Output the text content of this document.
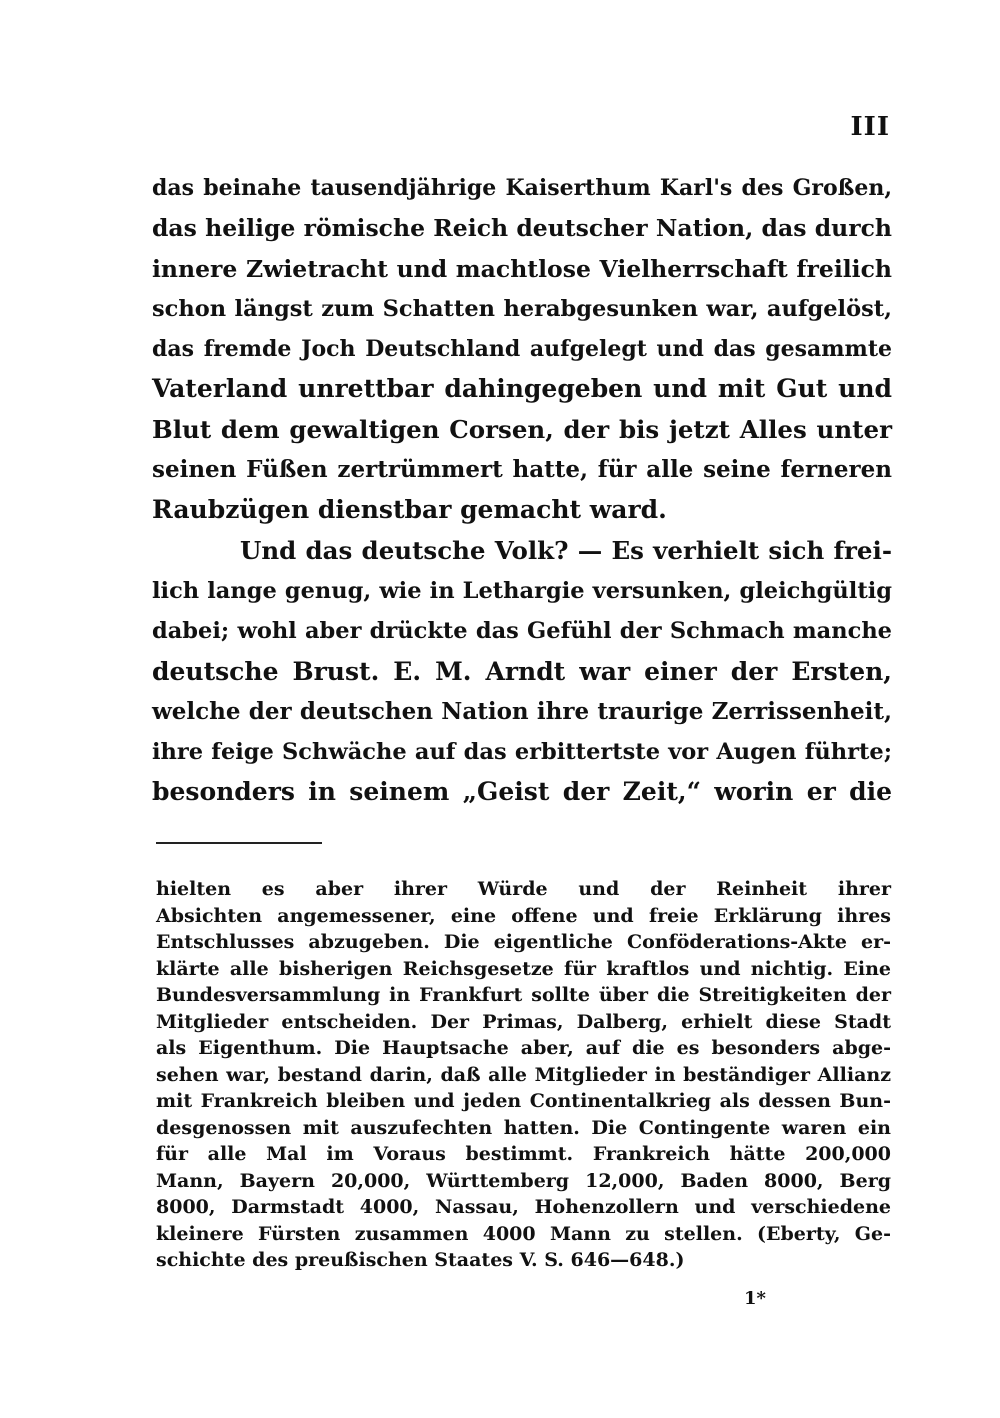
III
das beinahe tausendjährige Kaiserthum Karl's des Großen,
das heilige römische Reich deutscher Nation, das durch
innere Zwietracht und machtlose Vielherrschaft freilich
schon längst zum Schatten herabgesunken war, aufgelöst,
das fremde Joch Deutschland aufgelegt und das gesammte
Vaterland unrettbar dahingegeben und mit Gut und
Blut dem gewaltigen Corsen, der bis jetzt Alles unter
seinen Füßen zertrümmert hatte, für alle seine ferneren
Raubzügen dienstbar gemacht ward.
Und das deutsche Volk? — Es verhielt sich frei-
lich lange genug, wie in Lethargie versunken, gleichgültig
dabei; wohl aber drückte das Gefühl der Schmach manche
deutsche Brust. E. M. Arndt war einer der Ersten,
welche der deutschen Nation ihre traurige Zerrissenheit,
ihre feige Schwäche auf das erbittertste vor Augen führte;
besonders in seinem „Geist der Zeit,“ worin er die
hielten es aber ihrer Würde und der Reinheit ihrer
Absichten angemessener, eine offene und freie Erklärung ihres
Entschlusses abzugeben. Die eigentliche Conföderations-Akte er-
klärte alle bisherigen Reichsgesetze für kraftlos und nichtig. Eine
Bundesversammlung in Frankfurt sollte über die Streitigkeiten der
Mitglieder entscheiden. Der Primas, Dalberg, erhielt diese Stadt
als Eigenthum. Die Hauptsache aber, auf die es besonders abge-
sehen war, bestand darin, daß alle Mitglieder in beständiger Allianz
mit Frankreich bleiben und jeden Continentalkrieg als dessen Bun-
desgenossen mit auszufechten hatten. Die Contingente waren ein
für alle Mal im Voraus bestimmt. Frankreich hätte 200,000
Mann, Bayern 20,000, Württemberg 12,000, Baden 8000, Berg
8000, Darmstadt 4000, Nassau, Hohenzollern und verschiedene
kleinere Fürsten zusammen 4000 Mann zu stellen. (Eberty, Ge-
schichte des preußischen Staates V. S. 646—648.)
1*
